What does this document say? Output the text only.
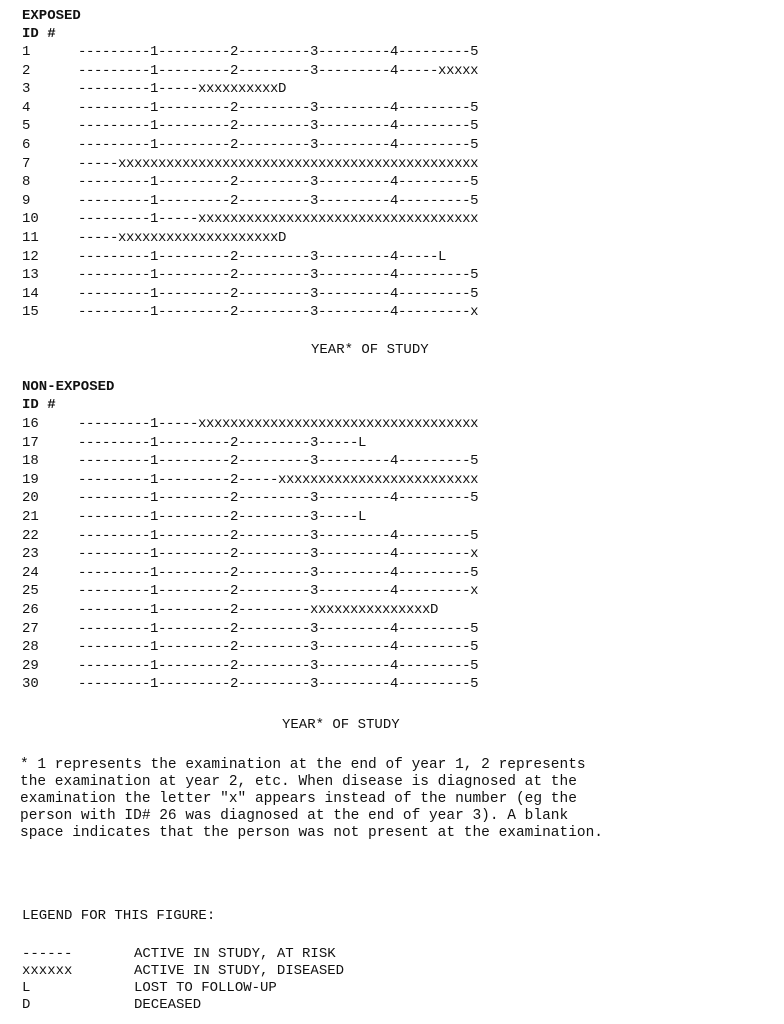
EXPOSED
ID #
1	---------1---------2---------3---------4---------5
2	---------1---------2---------3---------4-----xxxxx
3	---------1-----xxxxxxxxxxD
4	---------1---------2---------3---------4---------5
5	---------1---------2---------3---------4---------5
6	---------1---------2---------3---------4---------5
7	-----xxxxxxxxxxxxxxxxxxxxxxxxxxxxxxxxxxxxxxxxxxxxx
8	---------1---------2---------3---------4---------5
9	---------1---------2---------3---------4---------5
10	---------1-----xxxxxxxxxxxxxxxxxxxxxxxxxxxxxxxxxxx
11	-----xxxxxxxxxxxxxxxxxxxxD
12	---------1---------2---------3---------4-----L
13	---------1---------2---------3---------4---------5
14	---------1---------2---------3---------4---------5
15	---------1---------2---------3---------4---------x
YEAR* OF STUDY
NON-EXPOSED
ID #
16	---------1-----xxxxxxxxxxxxxxxxxxxxxxxxxxxxxxxxxxx
17	---------1---------2---------3-----L
18	---------1---------2---------3---------4---------5
19	---------1---------2-----xxxxxxxxxxxxxxxxxxxxxxxxx
20	---------1---------2---------3---------4---------5
21	---------1---------2---------3-----L
22	---------1---------2---------3---------4---------5
23	---------1---------2---------3---------4---------x
24	---------1---------2---------3---------4---------5
25	---------1---------2---------3---------4---------x
26	---------1---------2---------xxxxxxxxxxxxxxxD
27	---------1---------2---------3---------4---------5
28	---------1---------2---------3---------4---------5
29	---------1---------2---------3---------4---------5
30	---------1---------2---------3---------4---------5
YEAR* OF STUDY
* 1 represents the examination at the end of year 1, 2 represents
the examination at year 2, etc. When disease is diagnosed at the
examination the letter "x" appears instead of the number (eg the
person with ID# 26 was diagnosed at the end of year 3). A blank
space indicates that the person was not present at the examination.
LEGEND FOR THIS FIGURE:
------	ACTIVE IN STUDY, AT RISK
xxxxxx	ACTIVE IN STUDY, DISEASED
L	LOST TO FOLLOW-UP
D	DECEASED
